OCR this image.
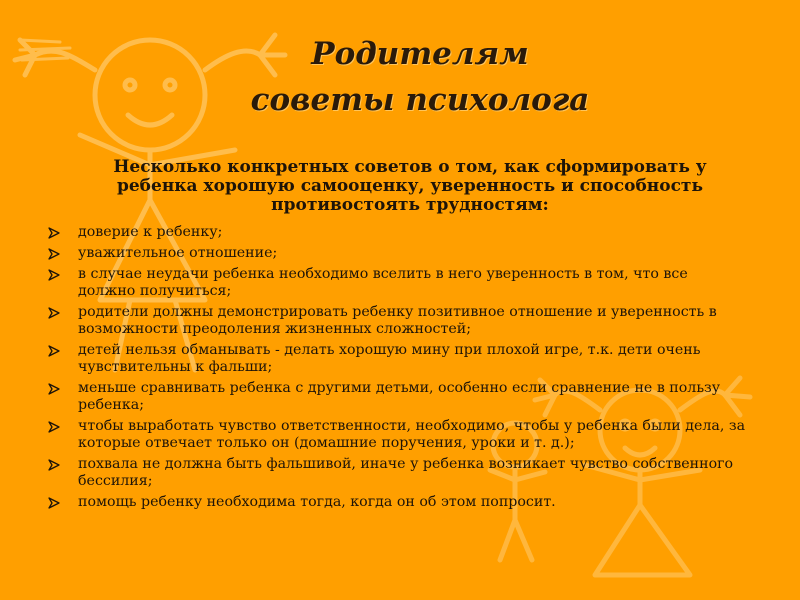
Родителям
советы психолога

Несколько конкретных советов о том, как сформировать у ребенка хорошую самооценку, уверенность и способность противостоять трудностям:

доверие к ребенку;
уважительное отношение;
в случае неудачи ребенка необходимо вселить в него уверенность в том, что все должно получиться;
родители должны демонстрировать ребенку позитивное отношение и уверенность в возможности преодоления жизненных сложностей;
детей нельзя обманывать - делать хорошую мину при плохой игре, т.к. дети очень чувствительны к фальши;
меньше сравнивать ребенка с другими детьми, особенно если сравнение не в пользу ребенка;
чтобы выработать чувство ответственности, необходимо, чтобы у ребенка были дела, за которые отвечает только он (домашние поручения, уроки и т. д.);
похвала не должна быть фальшивой, иначе у ребенка возникает чувство собственного бессилия;
помощь ребенку необходима тогда, когда он об этом попросит.
